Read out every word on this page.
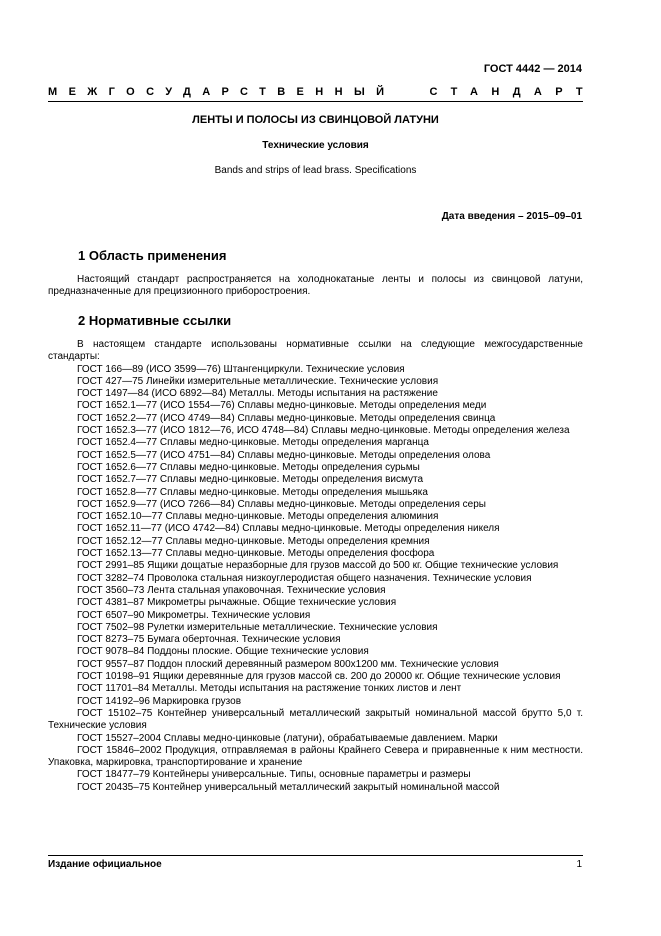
ГОСТ 4442 — 2014
МЕЖГОСУДАРСТВЕННЫЙ	СТАНДАРТ
ЛЕНТЫ И ПОЛОСЫ ИЗ СВИНЦОВОЙ ЛАТУНИ
Технические условия
Bands and strips of lead brass. Specifications
Дата введения – 2015–09–01
1 Область применения

Настоящий стандарт распространяется на холоднокатаные ленты и полосы из свинцовой латуни, предназначенные для прецизионного приборостроения.

2 Нормативные ссылки

В настоящем стандарте использованы нормативные ссылки на следующие межгосударственные стандарты:

ГОСТ 166—89 (ИСО 3599—76) Штангенциркули. Технические условия
ГОСТ 427—75 Линейки измерительные металлические. Технические условия
ГОСТ 1497—84 (ИСО 6892—84) Металлы. Методы испытания на растяжение
ГОСТ 1652.1—77 (ИСО 1554—76) Сплавы медно-цинковые. Методы определения меди
ГОСТ 1652.2—77 (ИСО 4749—84) Сплавы медно-цинковые. Методы определения свинца
ГОСТ 1652.3—77 (ИСО 1812—76, ИСО 4748—84) Сплавы медно-цинковые. Методы определения железа
ГОСТ 1652.4—77 Сплавы медно-цинковые. Методы определения марганца
ГОСТ 1652.5—77 (ИСО 4751—84) Сплавы медно-цинковые. Методы определения олова
ГОСТ 1652.6—77 Сплавы медно-цинковые. Методы определения сурьмы
ГОСТ 1652.7—77 Сплавы медно-цинковые. Методы определения висмута
ГОСТ 1652.8—77 Сплавы медно-цинковые. Методы определения мышьяка
ГОСТ 1652.9—77 (ИСО 7266—84) Сплавы медно-цинковые. Методы определения серы
ГОСТ 1652.10—77 Сплавы медно-цинковые. Методы определения алюминия
ГОСТ 1652.11—77 (ИСО 4742—84) Сплавы медно-цинковые. Методы определения никеля
ГОСТ 1652.12—77 Сплавы медно-цинковые. Методы определения кремния
ГОСТ 1652.13—77 Сплавы медно-цинковые. Методы определения фосфора
ГОСТ 2991–85 Ящики дощатые неразборные для грузов массой до 500 кг. Общие технические условия
ГОСТ 3282–74 Проволока стальная низкоуглеродистая общего назначения. Технические условия
ГОСТ 3560–73 Лента стальная упаковочная. Технические условия
ГОСТ 4381–87 Микрометры рычажные. Общие технические условия
ГОСТ 6507–90 Микрометры. Технические условия
ГОСТ 7502–98 Рулетки измерительные металлические. Технические условия
ГОСТ 8273–75 Бумага оберточная. Технические условия
ГОСТ 9078–84 Поддоны плоские. Общие технические условия
ГОСТ 9557–87 Поддон плоский деревянный размером 800х1200 мм. Технические условия
ГОСТ 10198–91 Ящики деревянные для грузов массой св. 200 до 20000 кг. Общие технические условия
ГОСТ 11701–84 Металлы. Методы испытания на растяжение тонких листов и лент
ГОСТ 14192–96 Маркировка грузов
ГОСТ 15102–75 Контейнер универсальный металлический закрытый номинальной массой брутто 5,0 т. Технические условия
ГОСТ 15527–2004 Сплавы медно-цинковые (латуни), обрабатываемые давлением. Марки
ГОСТ 15846–2002 Продукция, отправляемая в районы Крайнего Севера и приравненные к ним местности. Упаковка, маркировка, транспортирование и хранение
ГОСТ 18477–79 Контейнеры универсальные. Типы, основные параметры и размеры
ГОСТ 20435–75 Контейнер универсальный металлический закрытый номинальной массой
Издание официальное	1
